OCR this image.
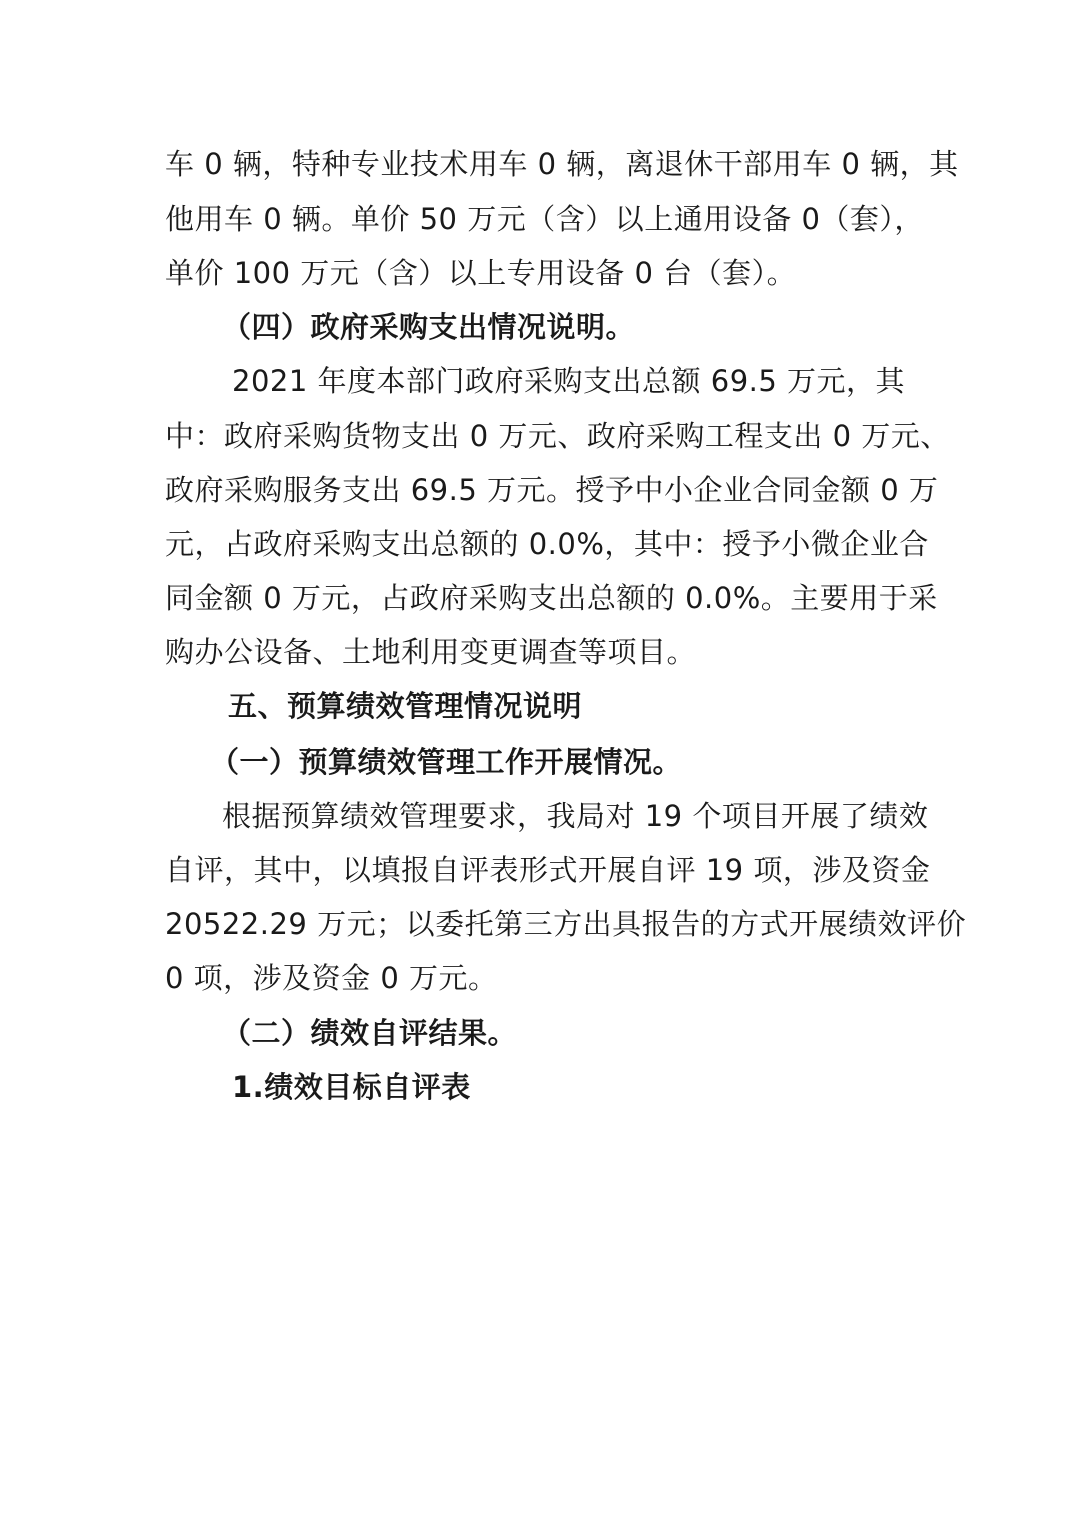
车 0 辆，特种专业技术用车 0 辆，离退休干部用车 0 辆，其
他用车 0 辆。单价 50 万元（含）以上通用设备 0（套），
单价 100 万元（含）以上专用设备 0 台（套）。
（四）政府采购支出情况说明。
2021 年度本部门政府采购支出总额 69.5 万元，其
中：政府采购货物支出 0 万元、政府采购工程支出 0 万元、
政府采购服务支出 69.5 万元。授予中小企业合同金额 0 万
元，占政府采购支出总额的 0.0%，其中：授予小微企业合
同金额 0 万元，占政府采购支出总额的 0.0%。主要用于采
购办公设备、土地利用变更调查等项目。
五、预算绩效管理情况说明
（一）预算绩效管理工作开展情况。
根据预算绩效管理要求，我局对 19 个项目开展了绩效
自评，其中，以填报自评表形式开展自评 19 项，涉及资金
20522.29 万元；以委托第三方出具报告的方式开展绩效评价
0 项，涉及资金 0 万元。
（二）绩效自评结果。
1.绩效目标自评表
